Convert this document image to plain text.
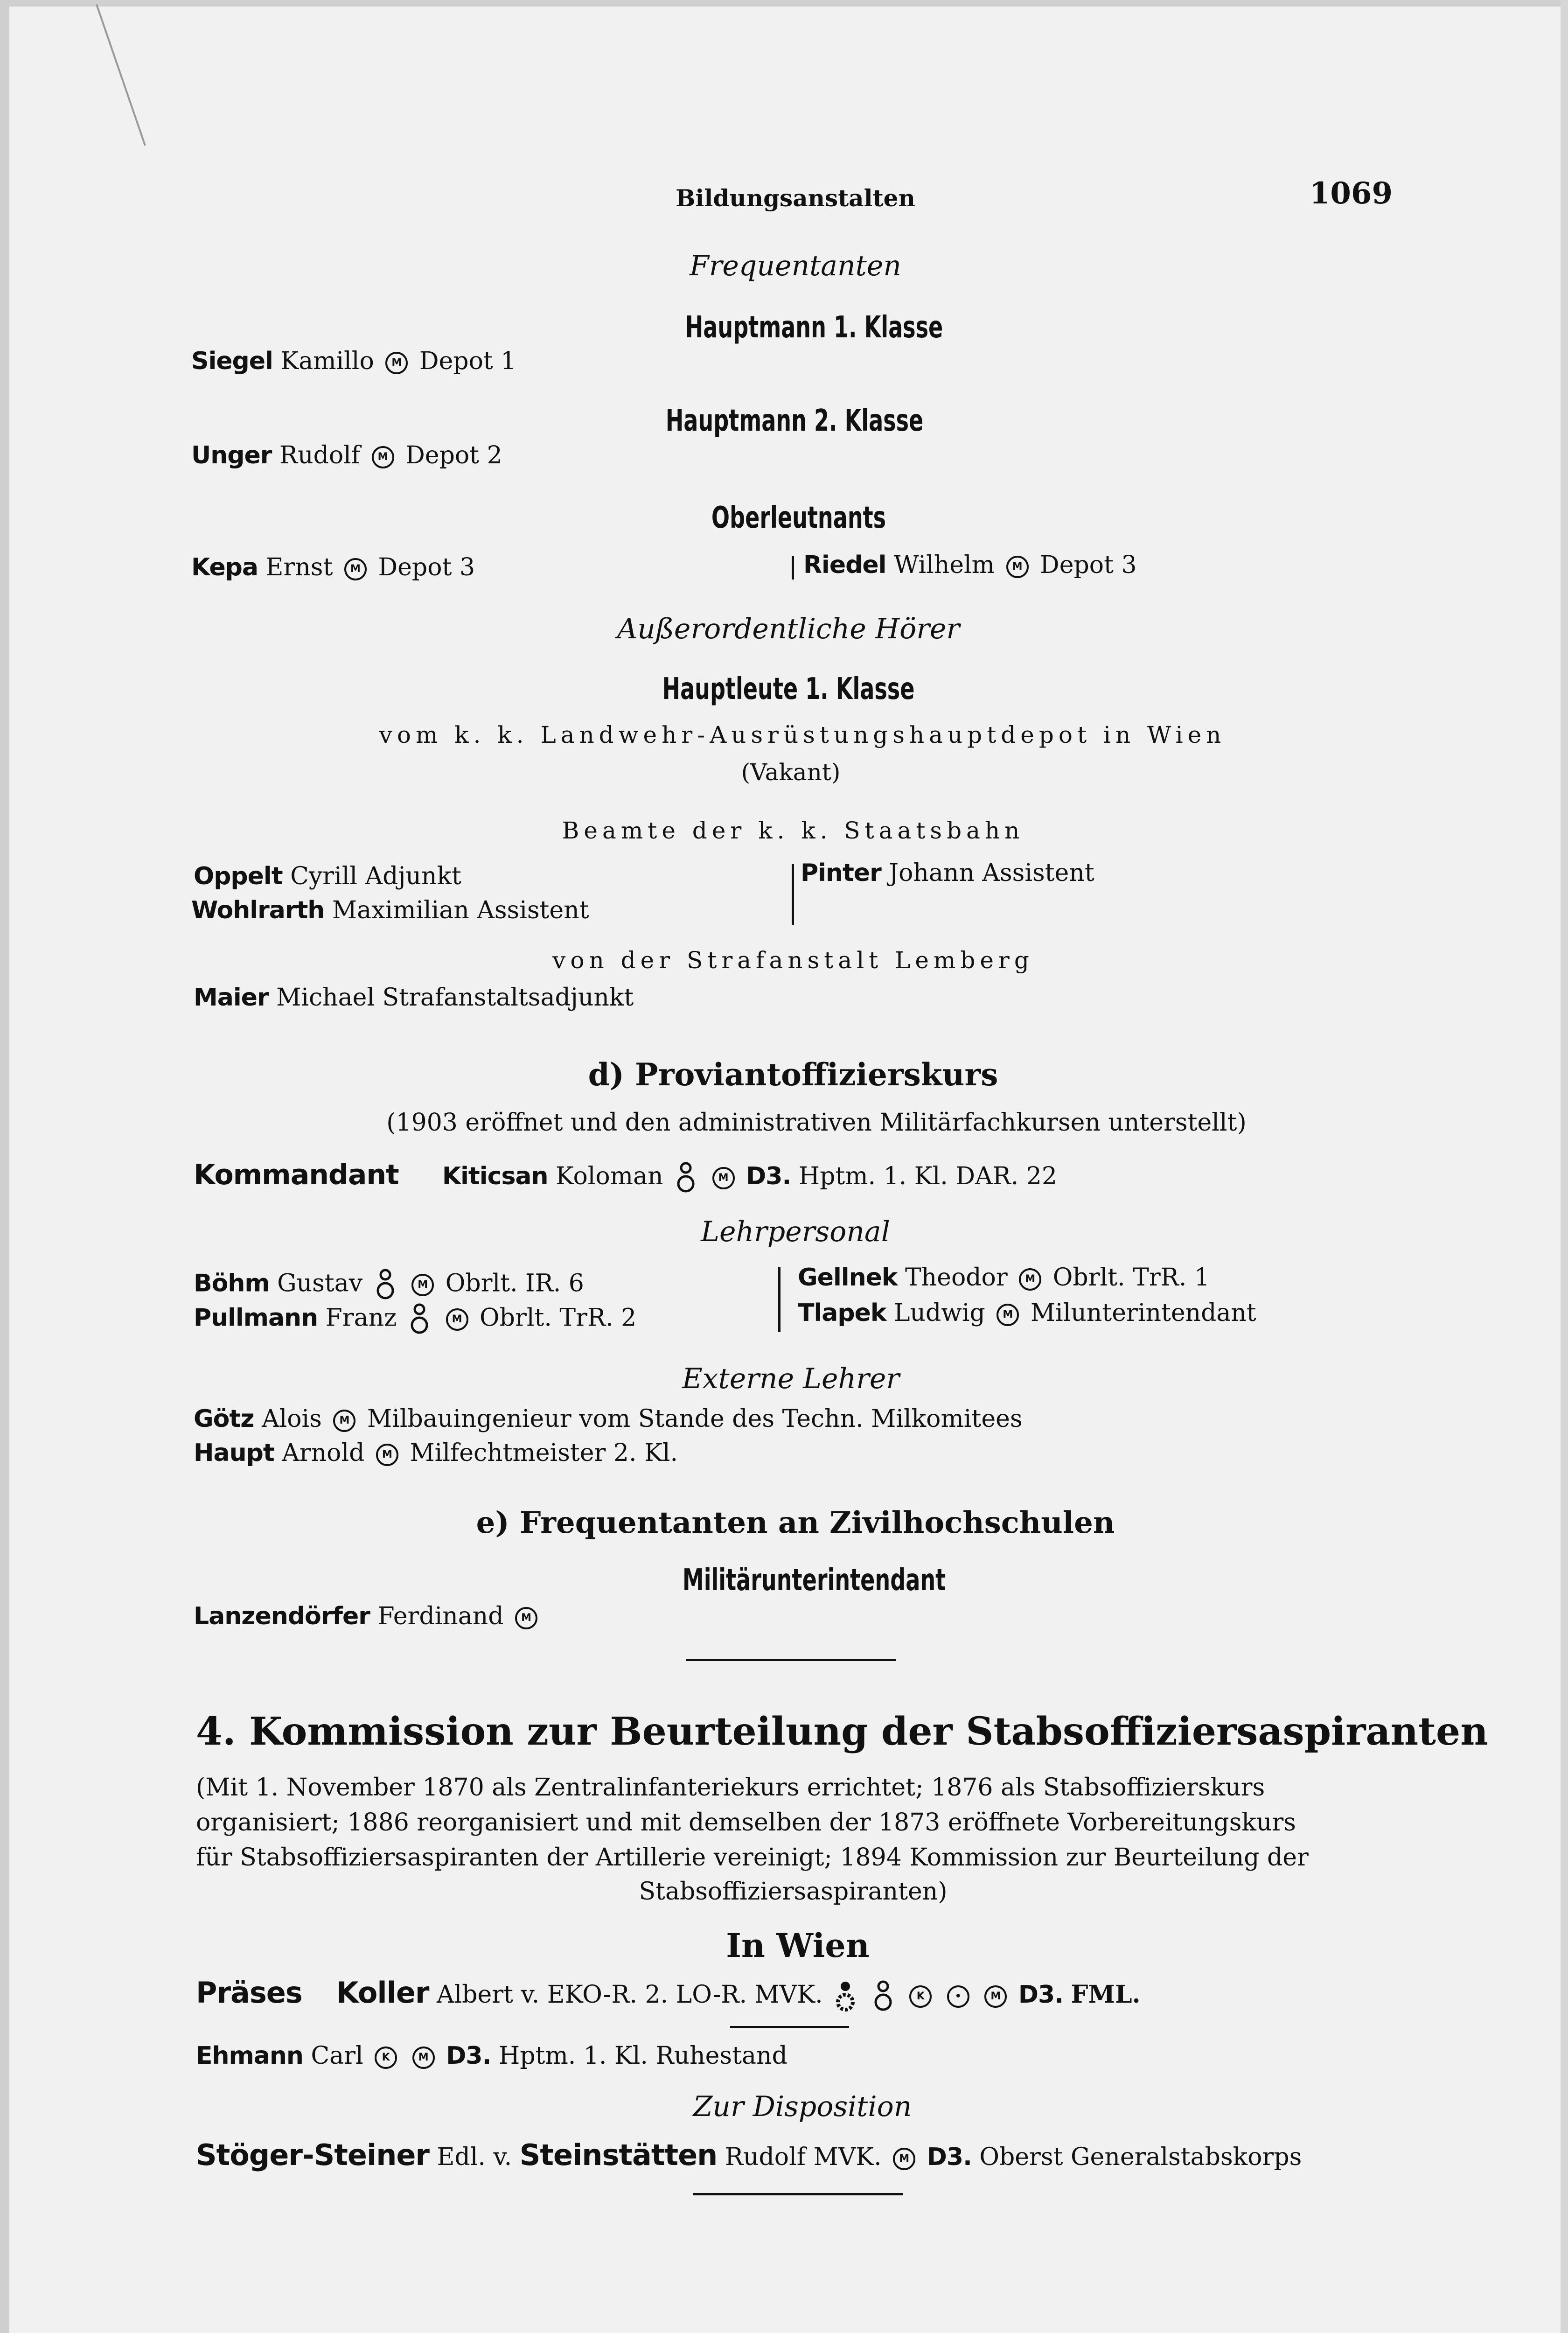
Bildungsanstalten	1069
Frequentanten
Hauptmann 1. Klasse
Siegel Kamillo M Depot 1
Hauptmann 2. Klasse
Unger Rudolf M Depot 2
Oberleutnants
Kepa Ernst M Depot 3	Riedel Wilhelm M Depot 3
Außerordentliche Hörer
Hauptleute 1. Klasse
vom k. k. Landwehr-Ausrüstungshauptdepot in Wien
(Vakant)
Beamte der k. k. Staatsbahn
Oppelt Cyrill Adjunkt
Wohlrarth Maximilian Assistent
Pinter Johann Assistent
von der Strafanstalt Lemberg
Maier Michael Strafanstaltsadjunkt
d) Proviantoffizierskurs
(1903 eröffnet und den administrativen Militärfachkursen unterstellt)
Kommandant Kiticsan Koloman	M D3. Hptm. 1. Kl. DAR. 22
Lehrpersonal
Böhm Gustav	M Obrlt. IR. 6
Pullmann Franz	M Obrlt. TrR. 2
Gellnek Theodor M Obrlt. TrR. 1
Tlapek Ludwig M Milunterintendant
Externe Lehrer
Götz Alois M Milbauingenieur vom Stande des Techn. Milkomitees
Haupt Arnold M Milfechtmeister 2. Kl.
e) Frequentanten an Zivilhochschulen
Militärunterintendant
Lanzendörfer Ferdinand M
4. Kommission zur Beurteilung der Stabsoffiziersaspiranten
(Mit 1. November 1870 als Zentralinfanteriekurs errichtet; 1876 als Stabsoffizierskurs
organisiert; 1886 reorganisiert und mit demselben der 1873 eröffnete Vorbereitungskurs
für Stabsoffiziersaspiranten der Artillerie vereinigt; 1894 Kommission zur Beurteilung der
Stabsoffiziersaspiranten)
In Wien
Präses Koller Albert v. EKO-R. 2. LO-R. MVK.	K	•	M D3. FML.
Ehmann Carl K	M D3. Hptm. 1. Kl. Ruhestand
Zur Disposition
Stöger-Steiner Edl. v. Steinstätten Rudolf MVK. M D3. Oberst Generalstabskorps
